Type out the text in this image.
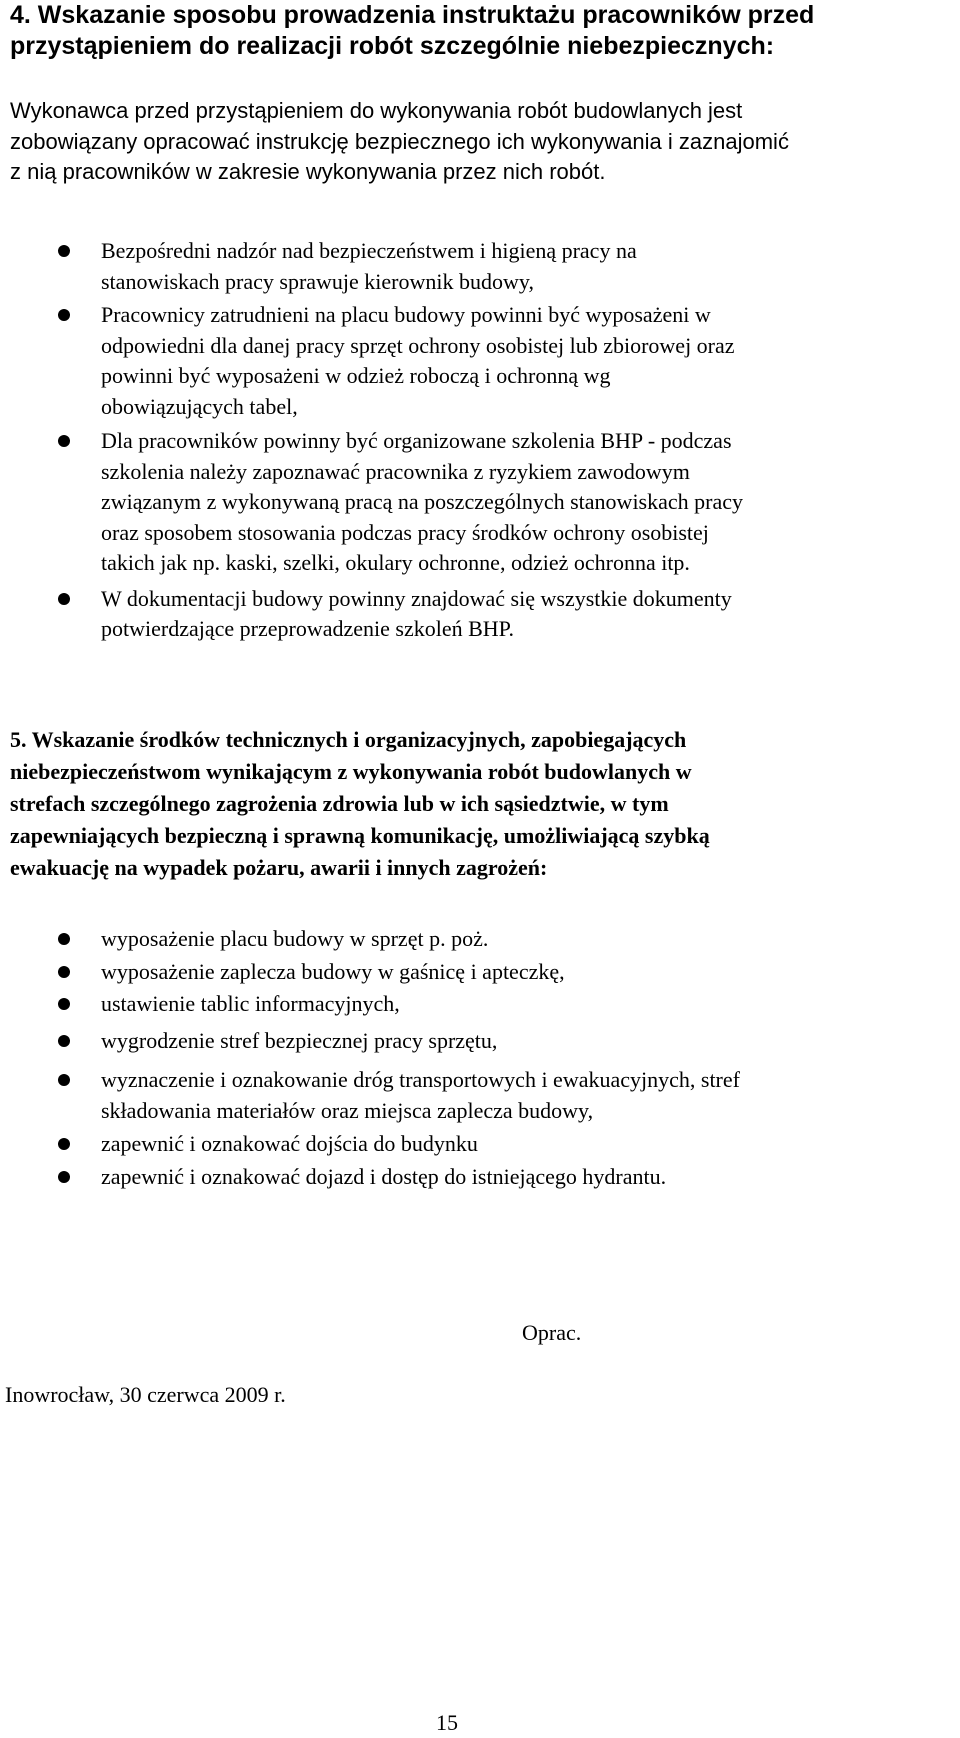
4. Wskazanie sposobu prowadzenia instruktażu pracowników przed
przystąpieniem do realizacji robót szczególnie niebezpiecznych:

Wykonawca przed przystąpieniem do wykonywania robót budowlanych jest
zobowiązany opracować instrukcję bezpiecznego ich wykonywania i zaznajomić
z nią pracowników w zakresie wykonywania przez nich robót.

Bezpośredni nadzór nad bezpieczeństwem i higieną pracy na
stanowiskach pracy sprawuje kierownik budowy,
Pracownicy zatrudnieni na placu budowy powinni być wyposażeni w
odpowiedni dla danej pracy sprzęt ochrony osobistej lub zbiorowej oraz
powinni być wyposażeni w odzież roboczą i ochronną wg
obowiązujących tabel,
Dla pracowników powinny być organizowane szkolenia BHP - podczas
szkolenia należy zapoznawać pracownika z ryzykiem zawodowym
związanym z wykonywaną pracą na poszczególnych stanowiskach pracy
oraz sposobem stosowania podczas pracy środków ochrony osobistej
takich jak np. kaski, szelki, okulary ochronne, odzież ochronna itp.
W dokumentacji budowy powinny znajdować się wszystkie dokumenty
potwierdzające przeprowadzenie szkoleń BHP.
5. Wskazanie środków technicznych i organizacyjnych, zapobiegających
niebezpieczeństwom wynikającym z wykonywania robót budowlanych w
strefach szczególnego zagrożenia zdrowia lub w ich sąsiedztwie, w tym
zapewniających bezpieczną i sprawną komunikację, umożliwiającą szybką
ewakuację na wypadek pożaru, awarii i innych zagrożeń:
wyposażenie placu budowy w sprzęt p. poż.
wyposażenie zaplecza budowy w gaśnicę i apteczkę,
ustawienie tablic informacyjnych,
wygrodzenie stref bezpiecznej pracy sprzętu,
wyznaczenie i oznakowanie dróg transportowych i ewakuacyjnych, stref
składowania materiałów oraz miejsca zaplecza budowy,
zapewnić i oznakować dojścia do budynku
zapewnić i oznakować dojazd i dostęp do istniejącego hydrantu.

Oprac.

Inowrocław, 30 czerwca 2009 r.

15
